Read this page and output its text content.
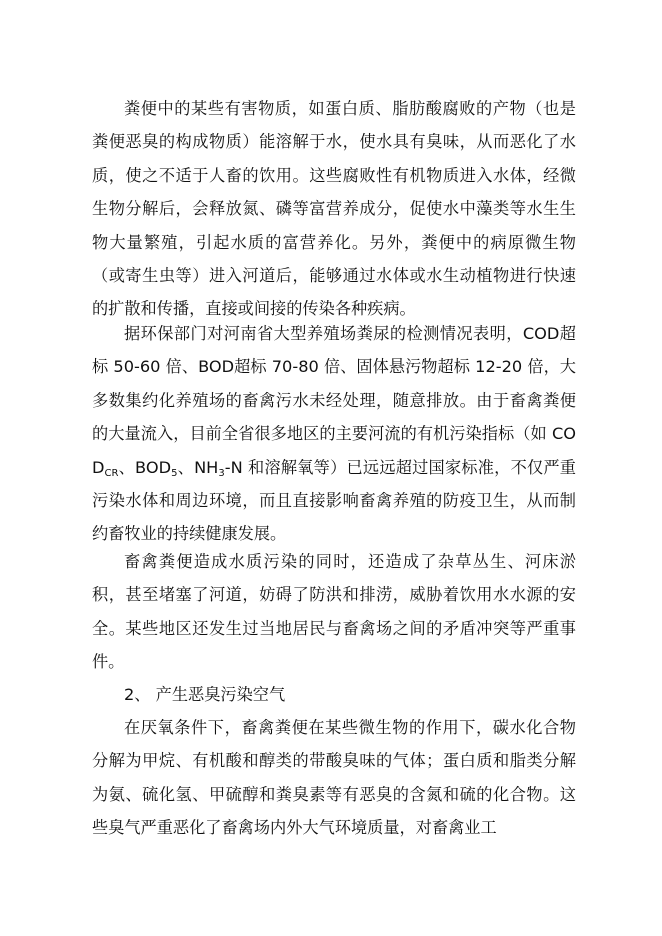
粪便中的某些有害物质，如蛋白质、脂肪酸腐败的产物（也是粪便恶臭的构成物质）能溶解于水，使水具有臭味，从而恶化了水质，使之不适于人畜的饮用。这些腐败性有机物质进入水体，经微生物分解后，会释放氮、磷等富营养成分，促使水中藻类等水生生物大量繁殖，引起水质的富营养化。另外，粪便中的病原微生物（或寄生虫等）进入河道后，能够通过水体或水生动植物进行快速的扩散和传播，直接或间接的传染各种疾病。

据环保部门对河南省大型养殖场粪尿的检测情况表明，COD超标 50-60 倍、BOD超标 70-80 倍、固体悬污物超标 12-20 倍，大多数集约化养殖场的畜禽污水未经处理，随意排放。由于畜禽粪便的大量流入，目前全省很多地区的主要河流的有机污染指标（如 $COD_{CR}$、$BOD_5$、$NH_3-N$ 和溶解氧等）已远远超过国家标准，不仅严重污染水体和周边环境，而且直接影响畜禽养殖的防疫卫生，从而制约畜牧业的持续健康发展。

畜禽粪便造成水质污染的同时，还造成了杂草丛生、河床淤积，甚至堵塞了河道，妨碍了防洪和排涝，威胁着饮用水水源的安全。某些地区还发生过当地居民与畜禽场之间的矛盾冲突等严重事件。

2、 产生恶臭污染空气

在厌氧条件下，畜禽粪便在某些微生物的作用下，碳水化合物分解为甲烷、有机酸和醇类的带酸臭味的气体；蛋白质和脂类分解为氨、硫化氢、甲硫醇和粪臭素等有恶臭的含氮和硫的化合物。这些臭气严重恶化了畜禽场内外大气环境质量，对畜禽业工
